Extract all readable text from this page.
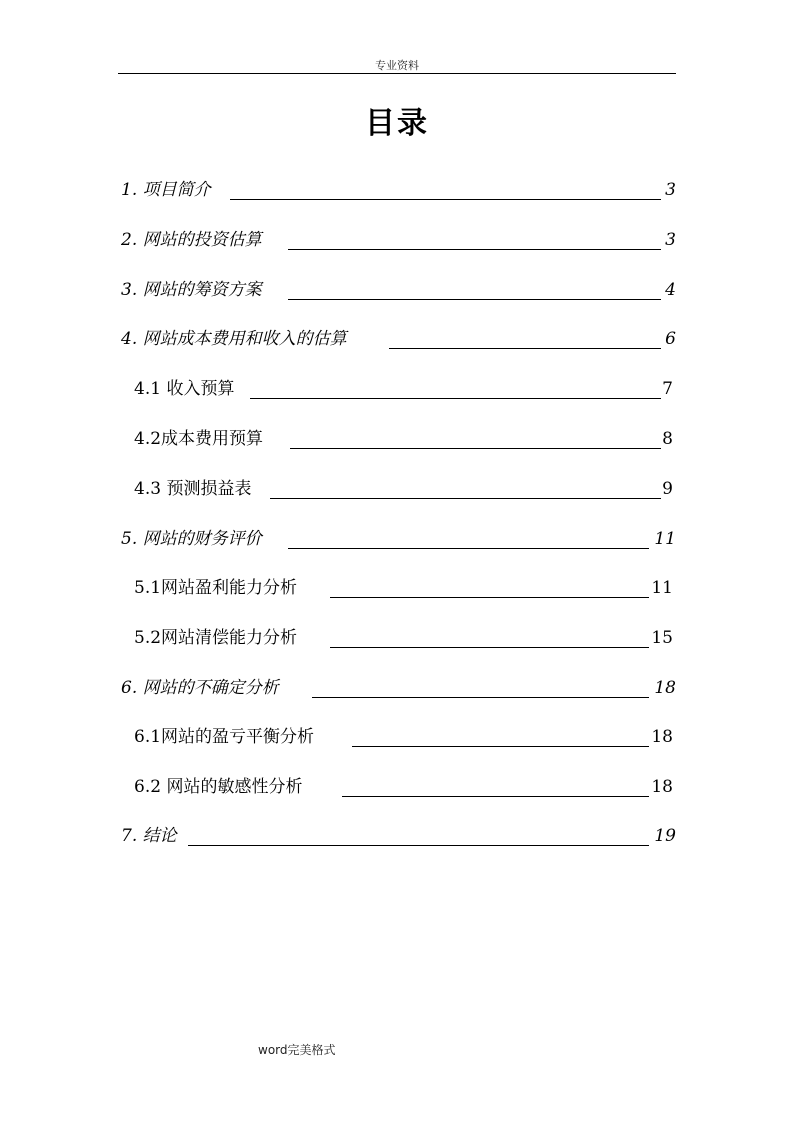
专业资料
目录
1. 项目简介	3
2. 网站的投资估算	3
3. 网站的筹资方案	4
4. 网站成本费用和收入的估算	6
4.1 收入预算	7
4.2成本费用预算	8
4.3 预测损益表	9
5. 网站的财务评价	11
5.1网站盈利能力分析	11
5.2网站清偿能力分析	15
6. 网站的不确定分析	18
6.1网站的盈亏平衡分析	18
6.2 网站的敏感性分析	18
7. 结论	19
word完美格式
